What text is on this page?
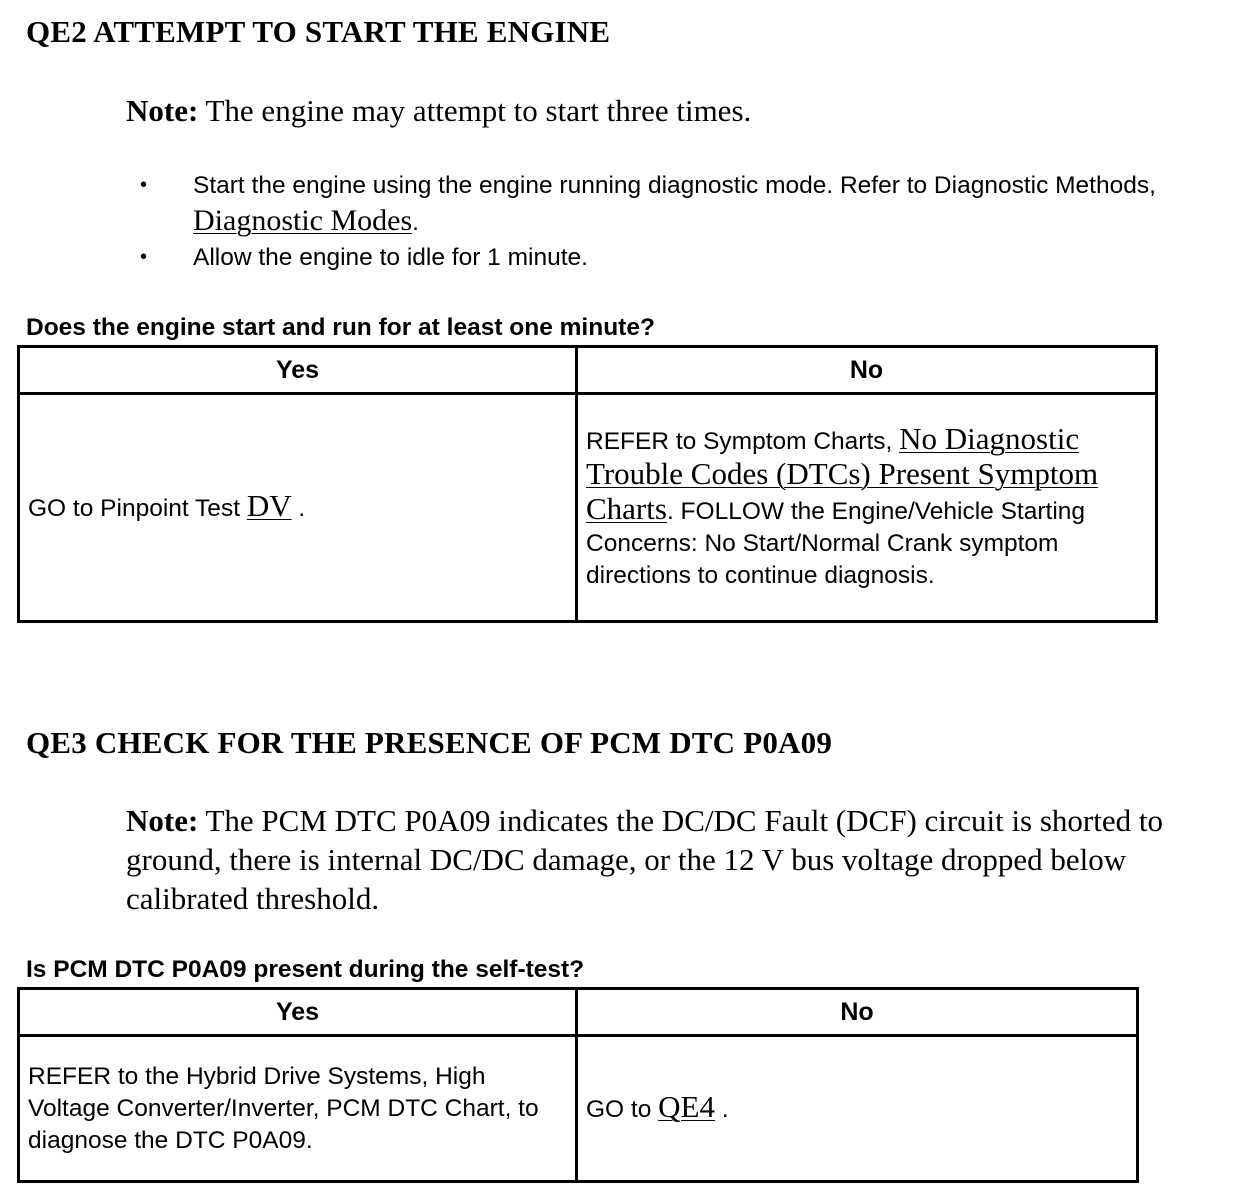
QE2 ATTEMPT TO START THE ENGINE
Note: The engine may attempt to start three times.
• Start the engine using the engine running diagnostic mode. Refer to Diagnostic Methods, Diagnostic Modes.
• Allow the engine to idle for 1 minute.
Does the engine start and run for at least one minute?
Yes	No
GO to Pinpoint Test DV .	REFER to Symptom Charts, No Diagnostic Trouble Codes (DTCs) Present Symptom Charts. FOLLOW the Engine/Vehicle Starting Concerns: No Start/Normal Crank symptom directions to continue diagnosis.
QE3 CHECK FOR THE PRESENCE OF PCM DTC P0A09
Note: The PCM DTC P0A09 indicates the DC/DC Fault (DCF) circuit is shorted to ground, there is internal DC/DC damage, or the 12 V bus voltage dropped below calibrated threshold.
Is PCM DTC P0A09 present during the self-test?
Yes	No
REFER to the Hybrid Drive Systems, High Voltage Converter/Inverter, PCM DTC Chart, to diagnose the DTC P0A09.	GO to QE4 .
